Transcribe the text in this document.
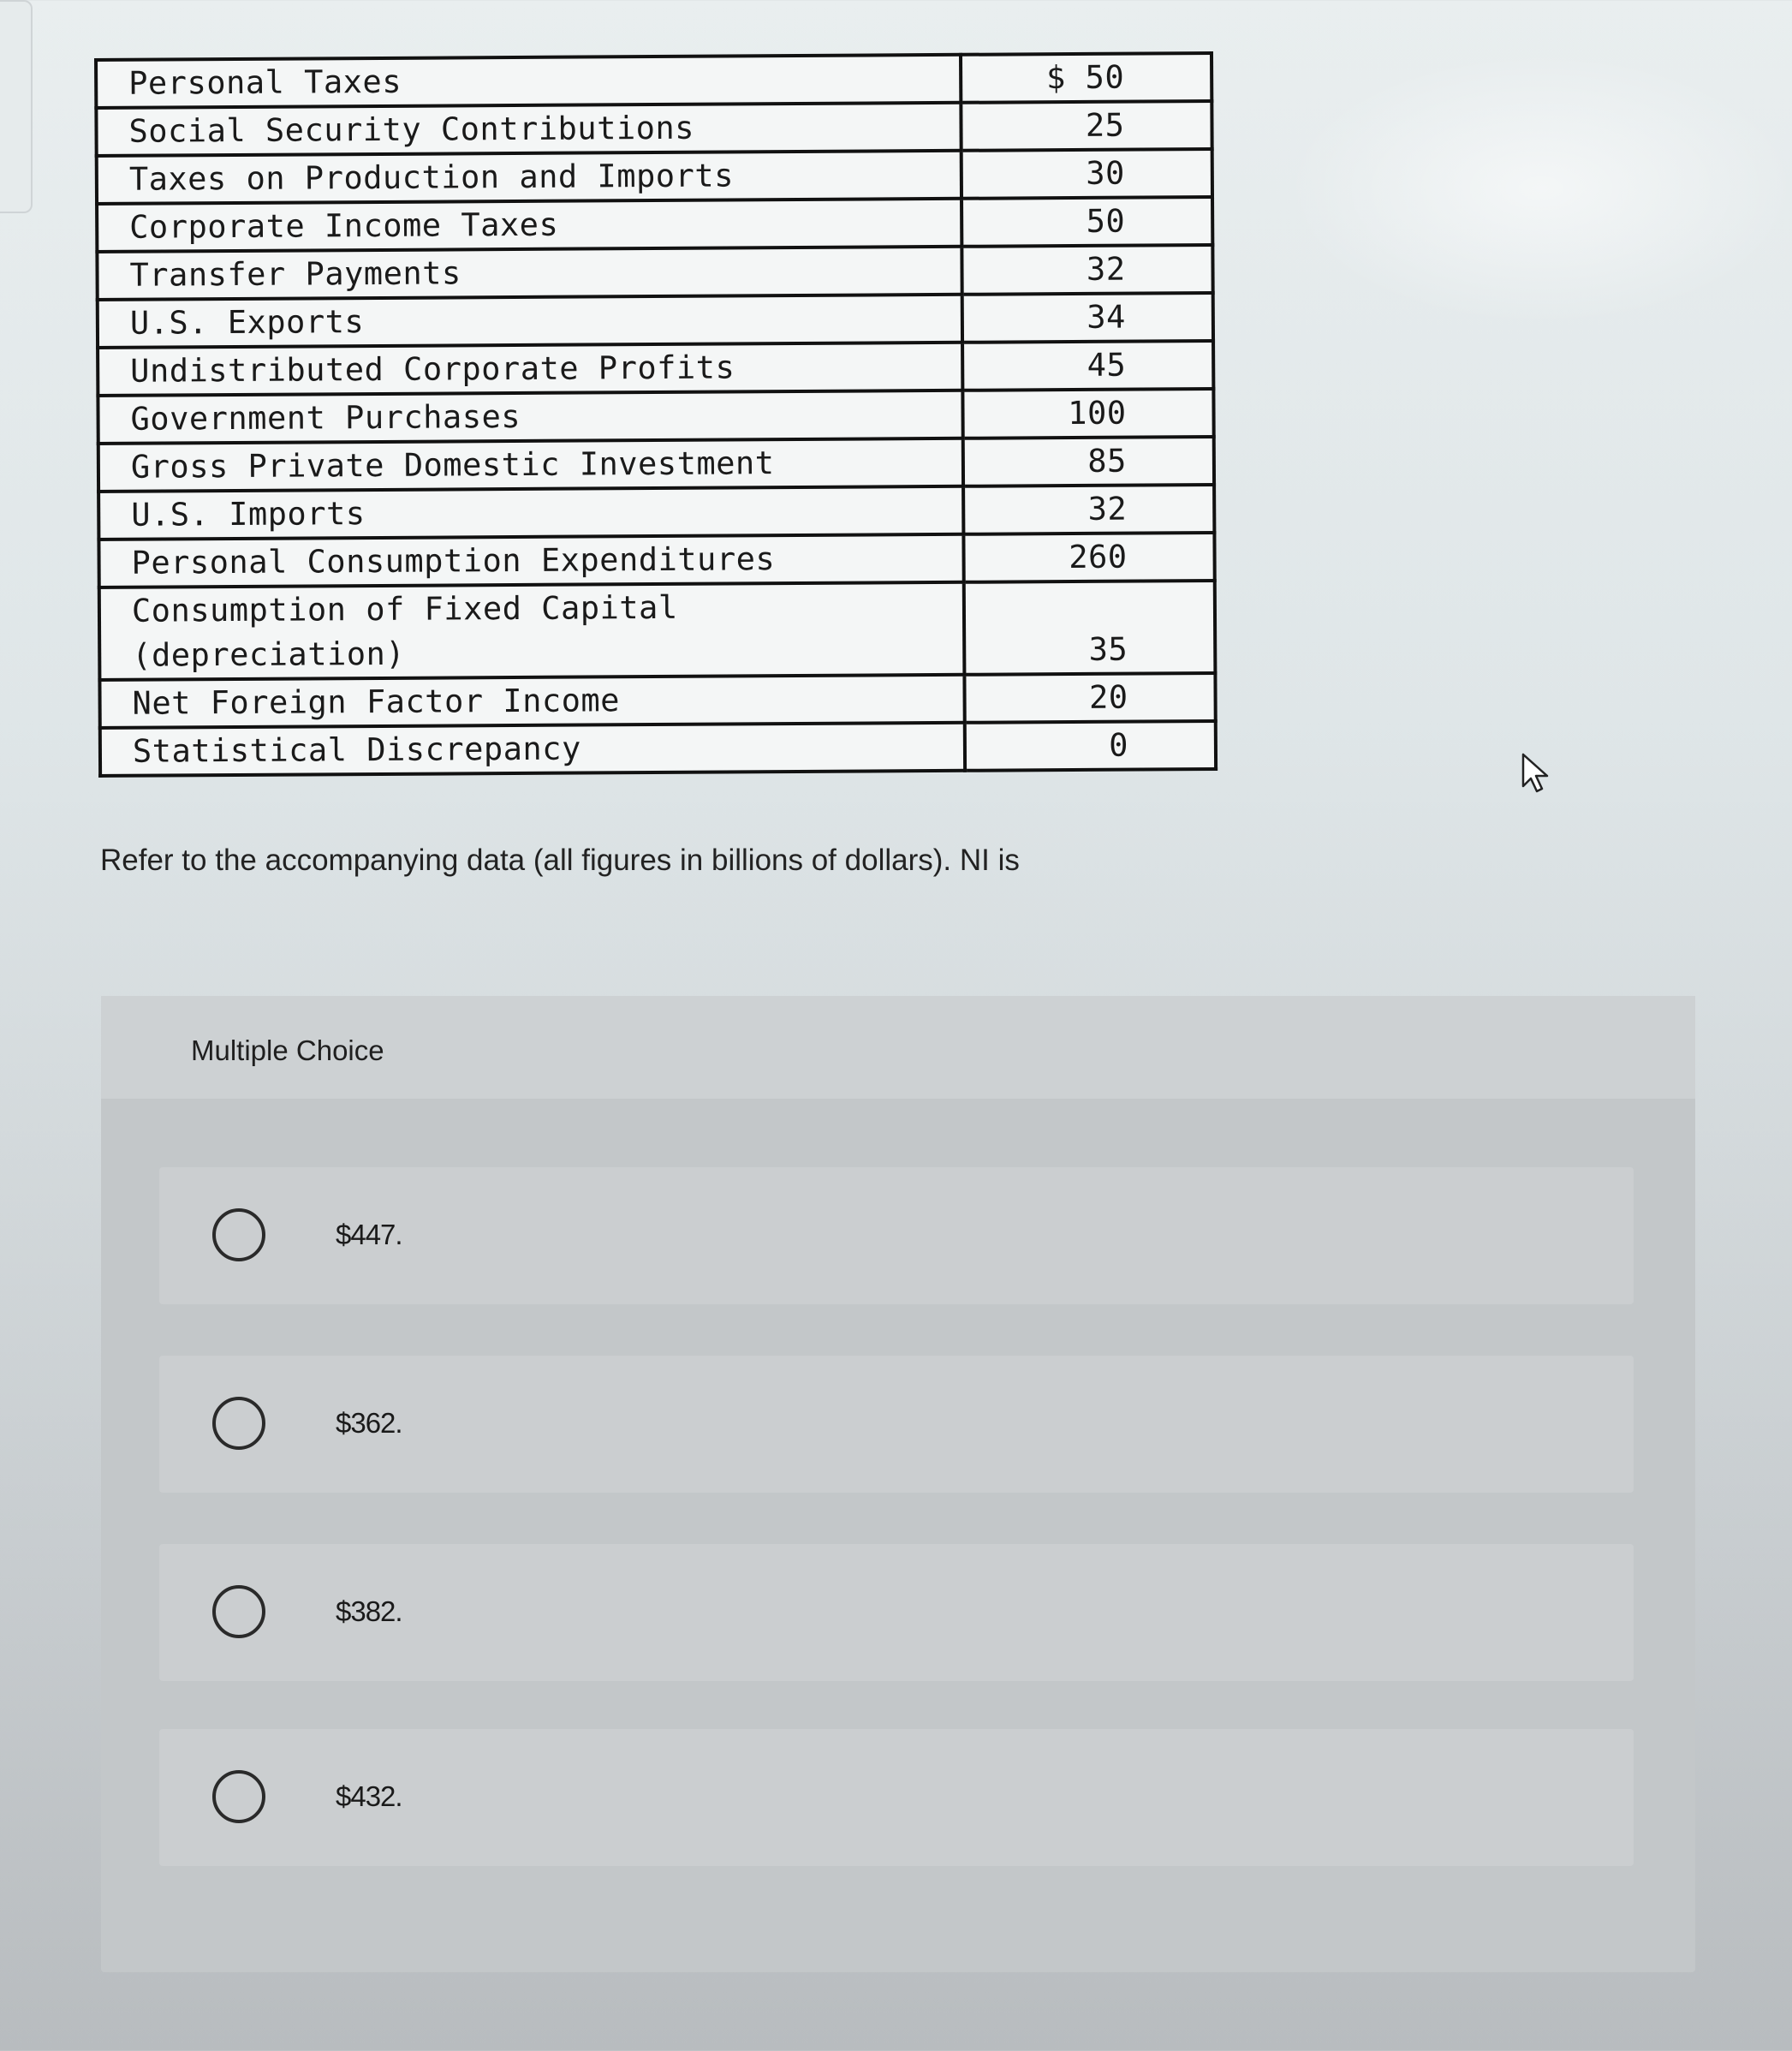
Personal Taxes	$ 50
Social Security Contributions	25
Taxes on Production and Imports	30
Corporate Income Taxes	50
Transfer Payments	32
U.S. Exports	34
Undistributed Corporate Profits	45
Government Purchases	100
Gross Private Domestic Investment	85
U.S. Imports	32
Personal Consumption Expenditures	260

Consumption of Fixed Capital
(depreciation)	35
Net Foreign Factor Income	20
Statistical Discrepancy	0
Refer to the accompanying data (all figures in billions of dollars). NI is
Multiple Choice
$447.
$362.
$382.
$432.
